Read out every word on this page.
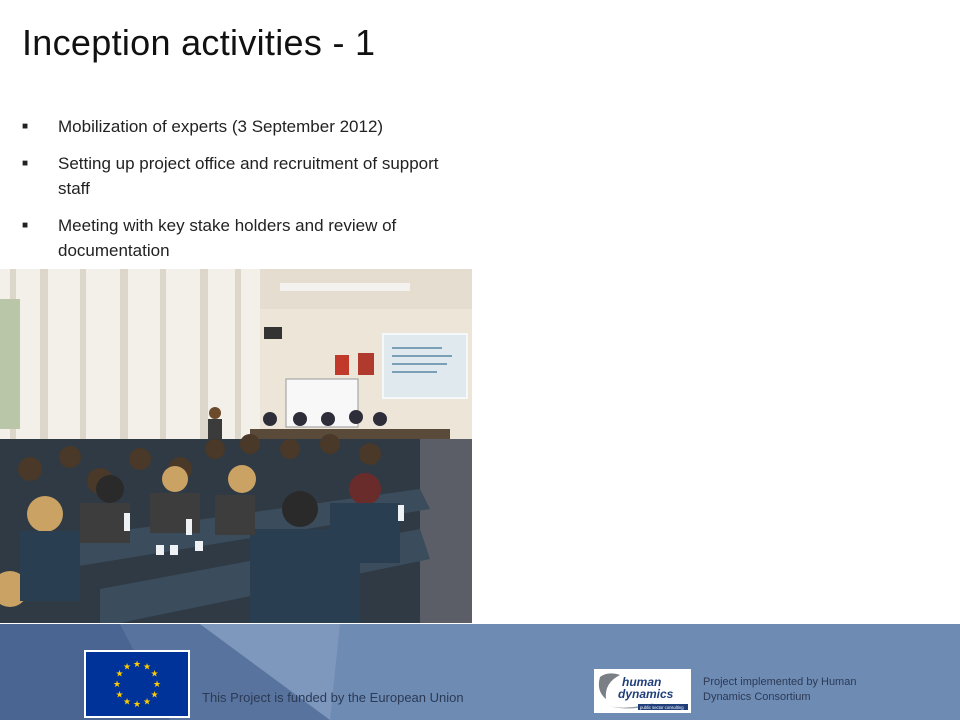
Inception activities - 1
■ Mobilization of experts (3 September 2012)
■ Setting up project office and recruitment of support staff
■ Meeting with key stake holders and review of documentation
★ ★
★
★
★
★
★
★
★
★
★
★
This Project is funded by the European Union
human
dynamics
public sector consulting
Project implemented by Human Dynamics Consortium
